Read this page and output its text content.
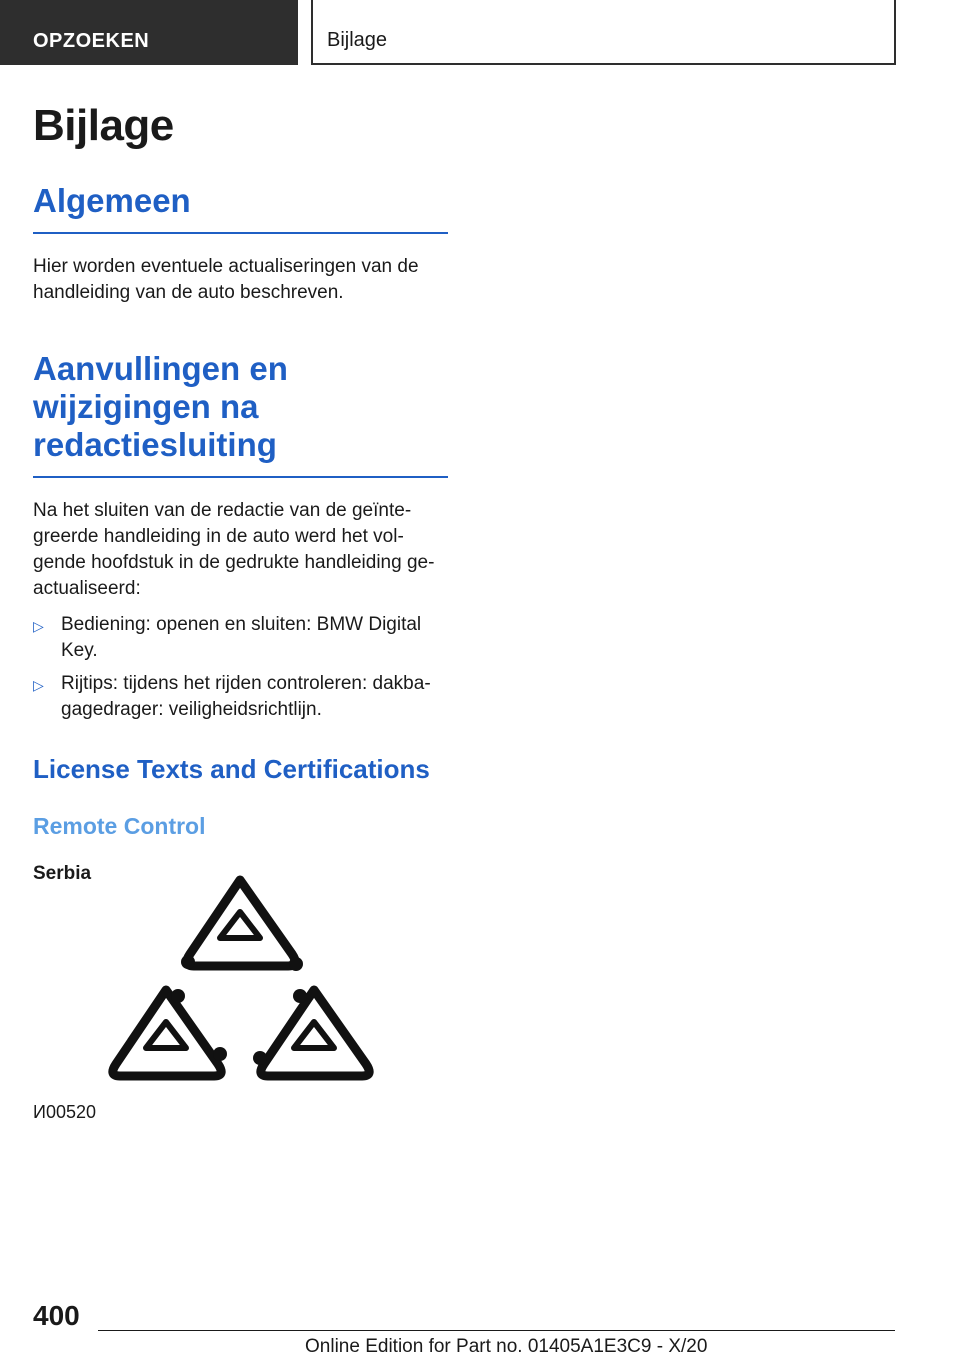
OPZOEKEN	Bijlage
Bijlage
Algemeen

Hier worden eventuele actualiseringen van de handleiding van de auto beschreven.

Aanvullingen en wijzigingen na redactiesluiting

Na het sluiten van de redactie van de geïntegreerde handleiding in de auto werd het volgende hoofdstuk in de gedrukte handleiding geactualiseerd:

▷ Bediening: openen en sluiten: BMW Digital Key.
▷ Rijtips: tijdens het rijden controleren: dakbagagedrager: veiligheidsrichtlijn.
License Texts and Certifications
Remote Control
Serbia
И00520
400
Online Edition for Part no. 01405A1E3C9 - X/20
